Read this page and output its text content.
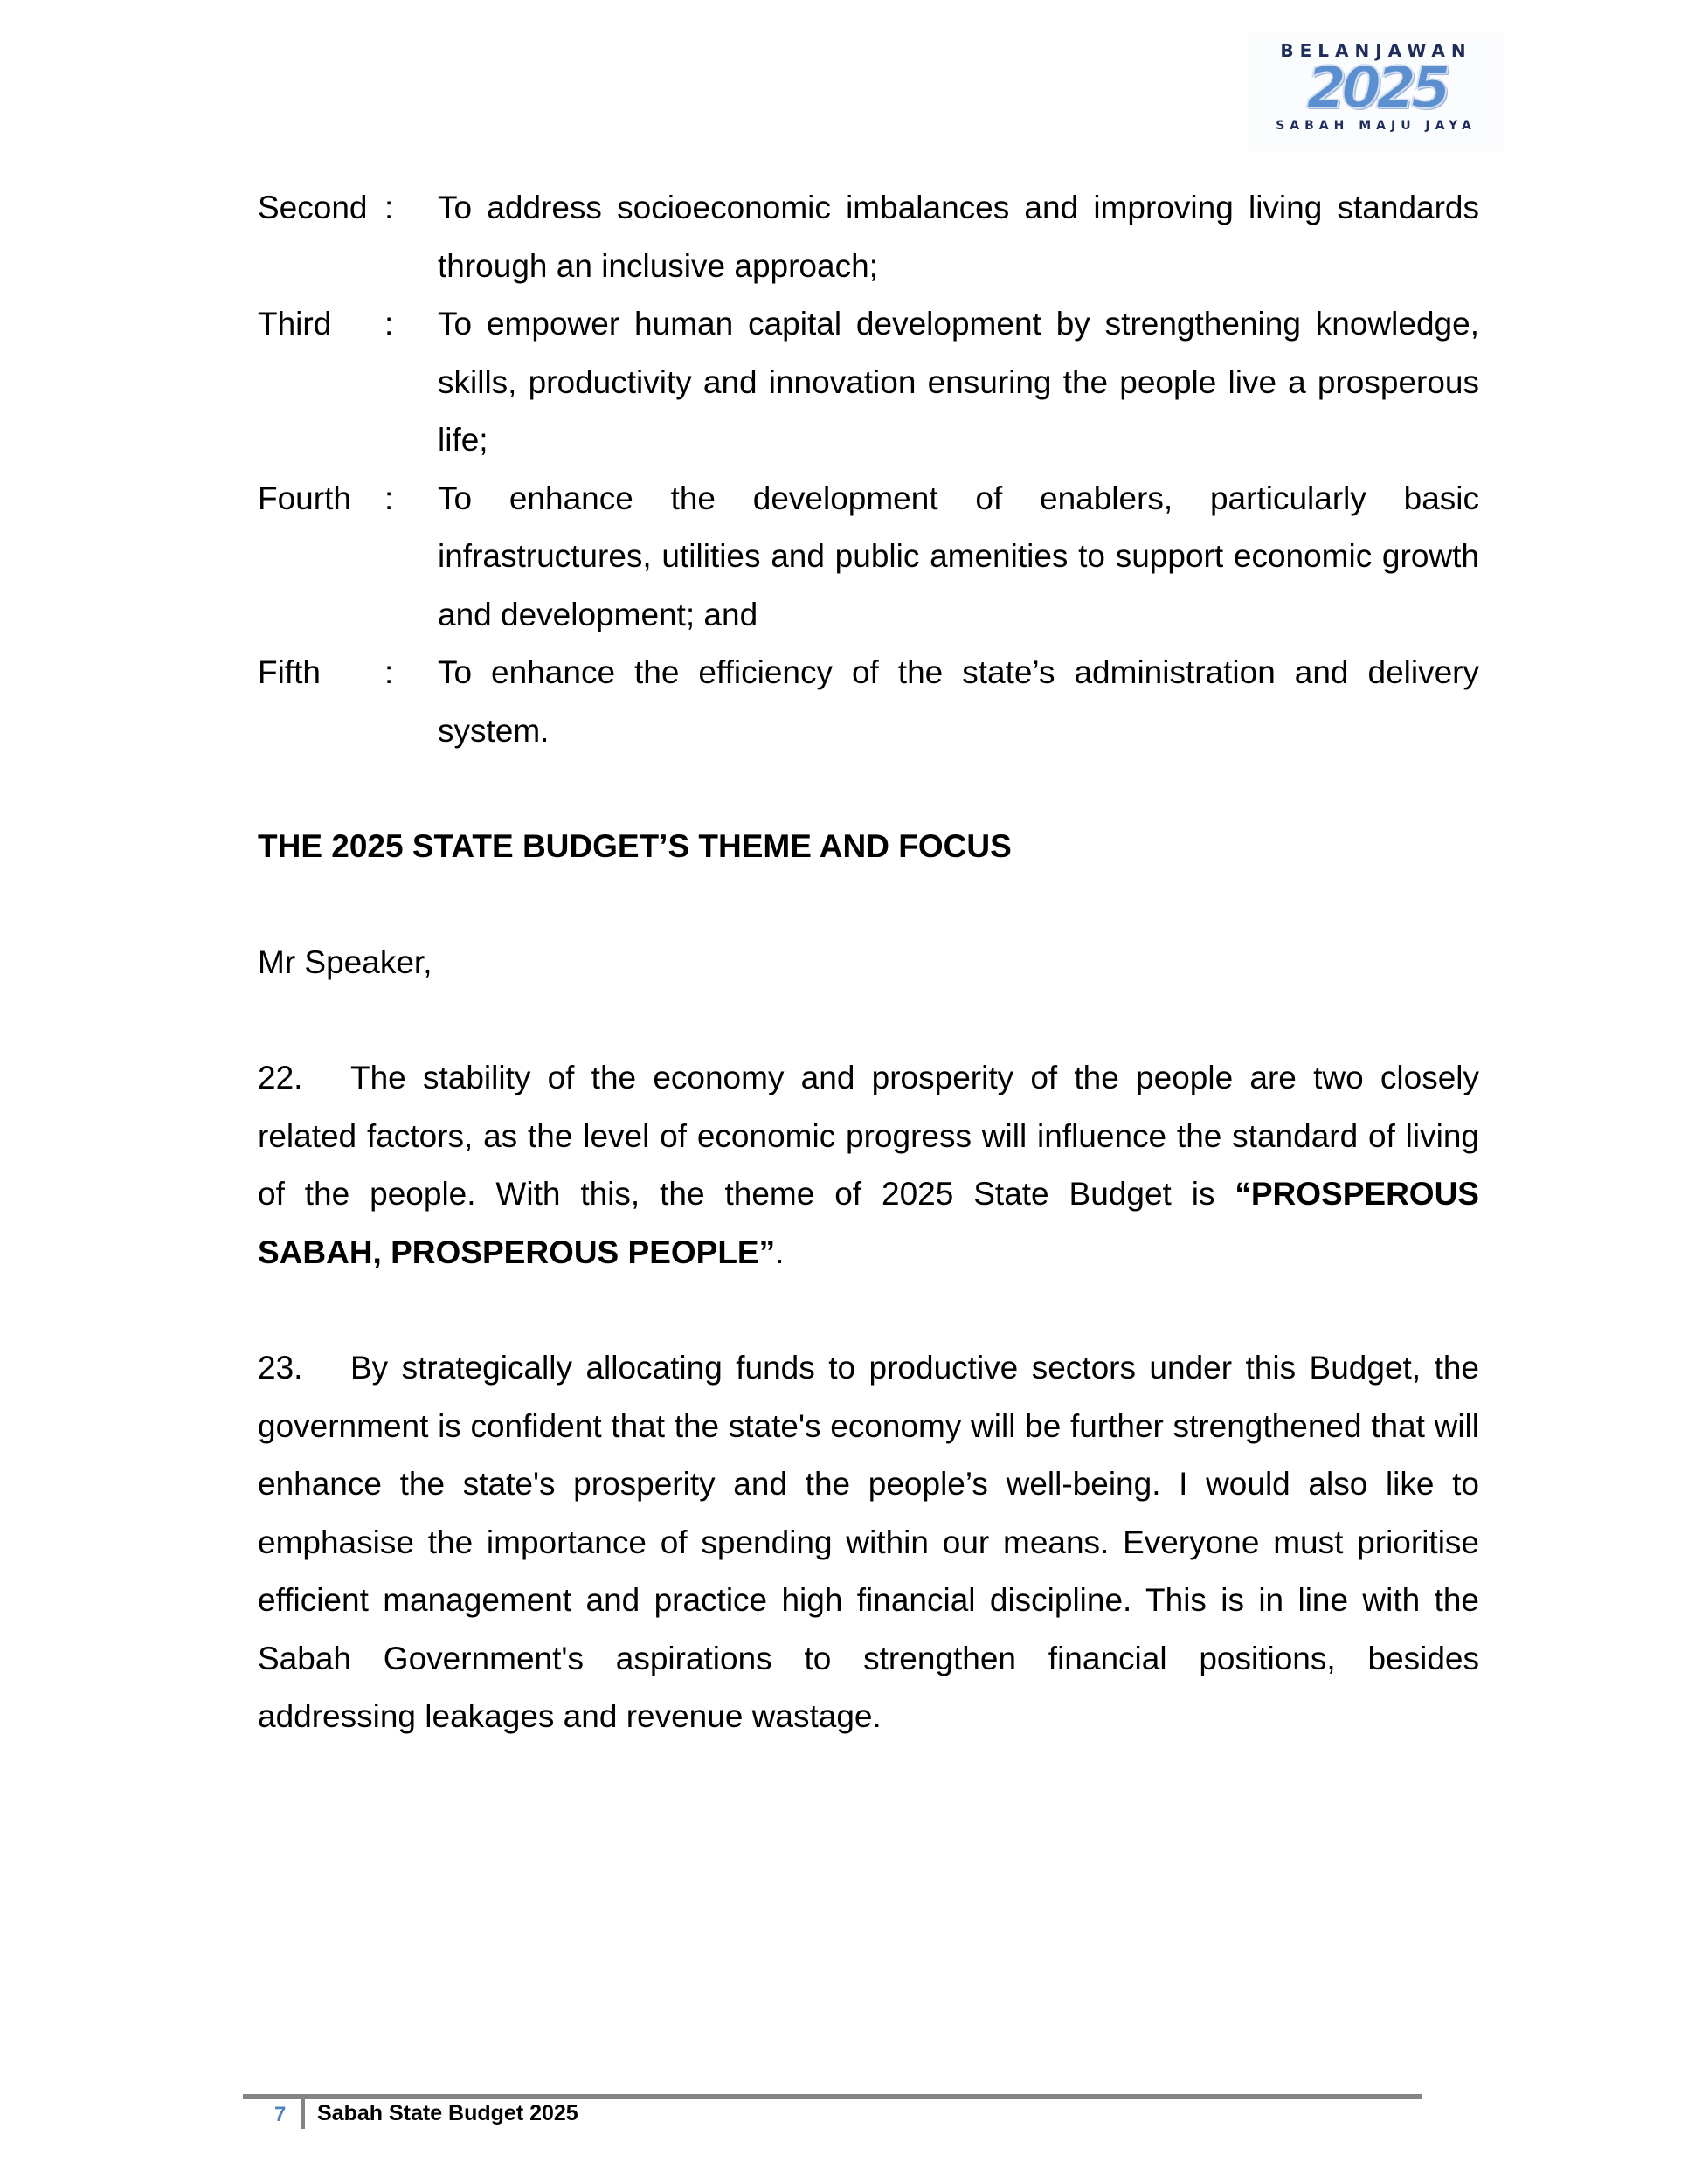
BELANJAWAN
2025
SABAH MAJU JAYA
Second :	To address socioeconomic imbalances and improving living standards through an inclusive approach;
Third	:	To empower human capital development by strengthening knowledge, skills, productivity and innovation ensuring the people live a prosperous life;
Fourth	:	To enhance the development of enablers, particularly basic infrastructures, utilities and public amenities to support economic growth and development; and
Fifth	:	To enhance the efficiency of the state’s administration and delivery system.
THE 2025 STATE BUDGET’S THEME AND FOCUS
Mr Speaker,
22. The stability of the economy and prosperity of the people are two closely related factors, as the level of economic progress will influence the standard of living of the people. With this, the theme of 2025 State Budget is “PROSPEROUS SABAH, PROSPEROUS PEOPLE”.
23. By strategically allocating funds to productive sectors under this Budget, the government is confident that the state's economy will be further strengthened that will enhance the state's prosperity and the people’s well-being. I would also like to emphasise the importance of spending within our means. Everyone must prioritise efficient management and practice high financial discipline. This is in line with the Sabah Government's aspirations to strengthen financial positions, besides addressing leakages and revenue wastage.
7 Sabah State Budget 2025
